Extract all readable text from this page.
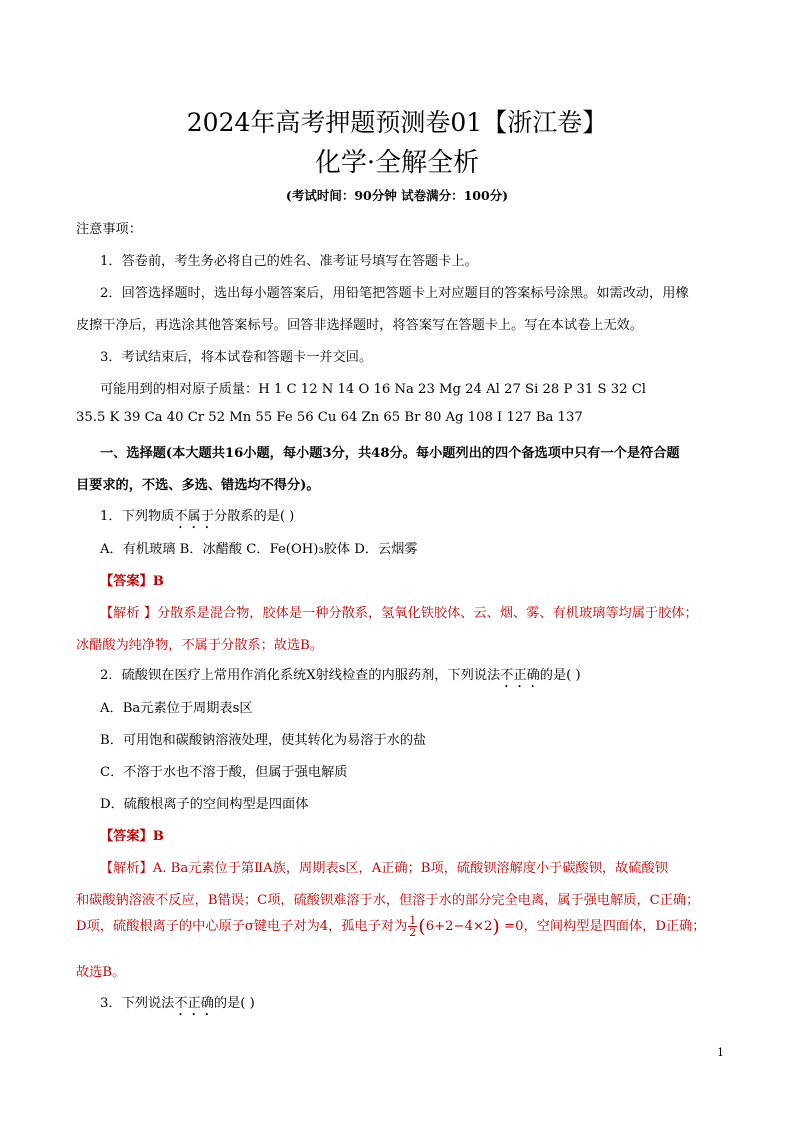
2024年高考押题预测卷01【浙江卷】
化学·全解全析
(考试时间：90分钟 试卷满分：100分)
注意事项：
1．答卷前，考生务必将自己的姓名、准考证号填写在答题卡上。
2．回答选择题时，选出每小题答案后，用铅笔把答题卡上对应题目的答案标号涂黑。如需改动，用橡
皮擦干净后，再选涂其他答案标号。回答非选择题时，将答案写在答题卡上。写在本试卷上无效。
3．考试结束后，将本试卷和答题卡一并交回。
可能用到的相对原子质量：H 1 C 12 N 14 O 16 Na 23 Mg 24 Al 27 Si 28 P 31 S 32 Cl
35.5 K 39 Ca 40 Cr 52 Mn 55 Fe 56 Cu 64 Zn 65 Br 80 Ag 108 I 127 Ba 137
一、选择题(本大题共16小题，每小题3分，共48分。每小题列出的四个备选项中只有一个是符合题
目要求的，不选、多选、错选均不得分)。
1．下列物质不属于分散系的是( )
A．有机玻璃 B．冰醋酸 C．Fe(OH)₃胶体 D．云烟雾
【答案】B
【解析 】分散系是混合物，胶体是一种分散系，氢氧化铁胶体、云、烟、雾、有机玻璃等均属于胶体；
冰醋酸为纯净物，不属于分散系；故选B。
2．硫酸钡在医疗上常用作消化系统X射线检查的内服药剂，下列说法不正确的是( )
A．Ba元素位于周期表s区
B．可用饱和碳酸钠溶液处理，使其转化为易溶于水的盐
C．不溶于水也不溶于酸，但属于强电解质
D．硫酸根离子的空间构型是四面体
【答案】B
【解析】A. Ba元素位于第ⅡA族，周期表s区，A正确；B项，硫酸钡溶解度小于碳酸钡，故硫酸钡
和碳酸钠溶液不反应，B错误；C项，硫酸钡难溶于水，但溶于水的部分完全电离，属于强电解质，C正确；
D项，硫酸根离子的中心原子σ键电子对为4，孤电子对为 $\frac{1}{2} (6+2-4\times 2) =0$，空间构型是四面体，D正确；
故选B。
3．下列说法不正确的是( )
1
